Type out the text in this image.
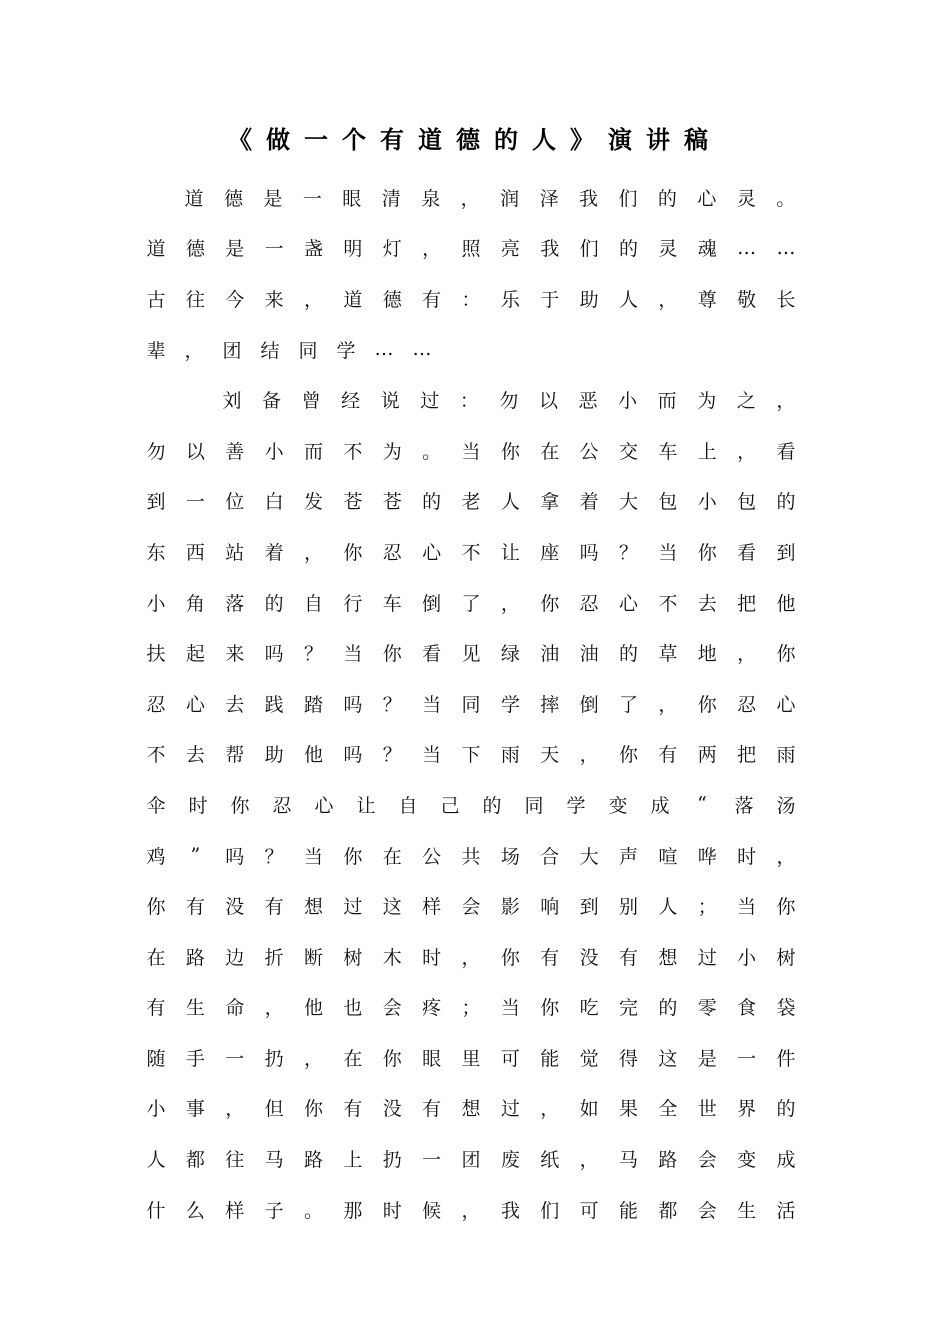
《做一个有道德的人》演讲稿
道 德 是 一 眼 清 泉 ， 润 泽 我 们 的 心 灵 。
道 德 是 一 盏 明 灯 ， 照 亮 我 们 的 灵 魂 … …
古 往 今 来 ， 道 德 有 ： 乐 于 助 人 ， 尊 敬 长
辈 ， 团 结 同 学 … …
刘 备 曾 经 说 过 ： 勿 以 恶 小 而 为 之 ，
勿 以 善 小 而 不 为 。 当 你 在 公 交 车 上 ， 看
到 一 位 白 发 苍 苍 的 老 人 拿 着 大 包 小 包 的
东 西 站 着 ， 你 忍 心 不 让 座 吗 ？ 当 你 看 到
小 角 落 的 自 行 车 倒 了 ， 你 忍 心 不 去 把 他
扶 起 来 吗 ？ 当 你 看 见 绿 油 油 的 草 地 ， 你
忍 心 去 践 踏 吗 ？ 当 同 学 摔 倒 了 ， 你 忍 心
不 去 帮 助 他 吗 ？ 当 下 雨 天 ， 你 有 两 把 雨
伞 时 你 忍 心 让 自 己 的 同 学 变 成 “ 落 汤
鸡 ” 吗 ？ 当 你 在 公 共 场 合 大 声 喧 哗 时 ，
你 有 没 有 想 过 这 样 会 影 响 到 别 人 ； 当 你
在 路 边 折 断 树 木 时 ， 你 有 没 有 想 过 小 树
有 生 命 ， 他 也 会 疼 ； 当 你 吃 完 的 零 食 袋
随 手 一 扔 ， 在 你 眼 里 可 能 觉 得 这 是 一 件
小 事 ， 但 你 有 没 有 想 过 ， 如 果 全 世 界 的
人 都 往 马 路 上 扔 一 团 废 纸 ， 马 路 会 变 成
什 么 样 子 。 那 时 候 ， 我 们 可 能 都 会 生 活
